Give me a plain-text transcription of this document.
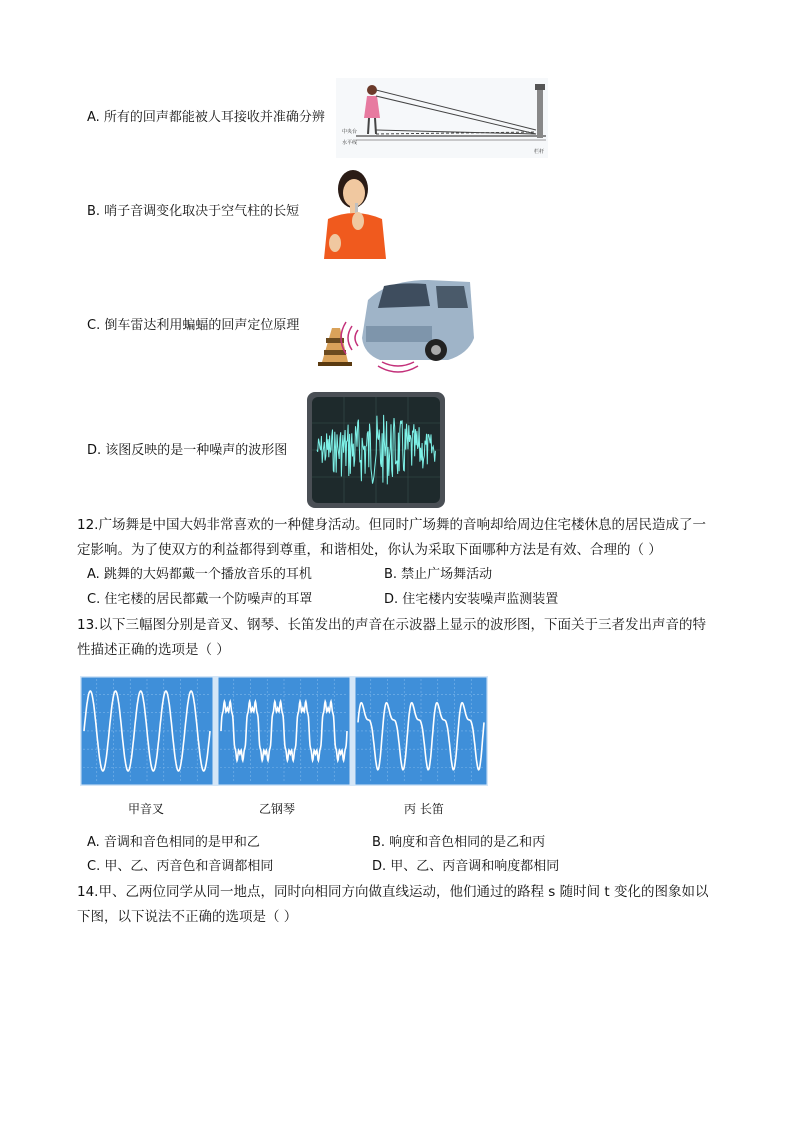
A. 所有的回声都能被人耳接收并准确分辨
中央台
水平线
栏杆
B. 哨子音调变化取决于空气柱的长短
C. 倒车雷达利用蝙蝠的回声定位原理
D. 该图反映的是一种噪声的波形图
12.广场舞是中国大妈非常喜欢的一种健身活动。但同时广场舞的音响却给周边住宅楼休息的居民造成了一
定影响。为了使双方的利益都得到尊重，和谐相处，你认为采取下面哪种方法是有效、合理的（ ）
A. 跳舞的大妈都戴一个播放音乐的耳机	B. 禁止广场舞活动
C. 住宅楼的居民都戴一个防噪声的耳罩	D. 住宅楼内安装噪声监测装置
13.以下三幅图分别是音叉、钢琴、长笛发出的声音在示波器上显示的波形图，下面关于三者发出声音的特
性描述正确的选项是（ ）
甲音叉	乙钢琴	丙 长笛
A. 音调和音色相同的是甲和乙	B. 响度和音色相同的是乙和丙
C. 甲、乙、丙音色和音调都相同	D. 甲、乙、丙音调和响度都相同
14.甲、乙两位同学从同一地点，同时向相同方向做直线运动，他们通过的路程 s 随时间 t 变化的图象如以
下图，以下说法不正确的选项是（ ）
